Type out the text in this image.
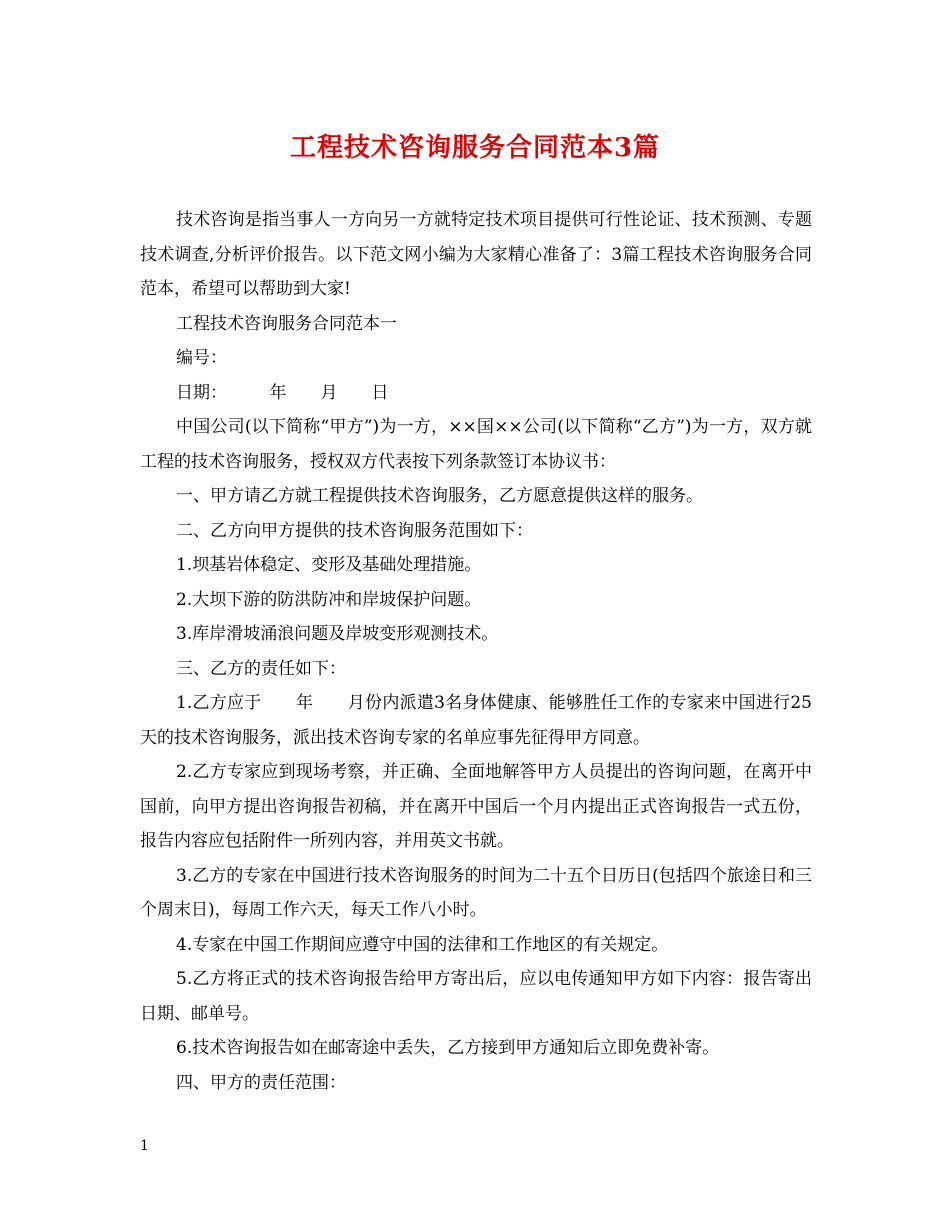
工程技术咨询服务合同范本3篇

技术咨询是指当事人一方向另一方就特定技术项目提供可行性论证、技术预测、专题技术调查,分析评价报告。以下范文网小编为大家精心准备了：3篇工程技术咨询服务合同范本，希望可以帮助到大家!

工程技术咨询服务合同范本一

编号：

日期：　　　年　　月　　日

中国公司(以下简称“甲方”)为一方，××国××公司(以下简称“乙方”)为一方，双方就工程的技术咨询服务，授权双方代表按下列条款签订本协议书：

一、甲方请乙方就工程提供技术咨询服务，乙方愿意提供这样的服务。

二、乙方向甲方提供的技术咨询服务范围如下：

1.坝基岩体稳定、变形及基础处理措施。

2.大坝下游的防洪防冲和岸坡保护问题。

3.库岸滑坡涌浪问题及岸坡变形观测技术。

三、乙方的责任如下：

1.乙方应于　　年　　月份内派遣3名身体健康、能够胜任工作的专家来中国进行25天的技术咨询服务，派出技术咨询专家的名单应事先征得甲方同意。

2.乙方专家应到现场考察，并正确、全面地解答甲方人员提出的咨询问题，在离开中国前，向甲方提出咨询报告初稿，并在离开中国后一个月内提出正式咨询报告一式五份，报告内容应包括附件一所列内容，并用英文书就。

3.乙方的专家在中国进行技术咨询服务的时间为二十五个日历日(包括四个旅途日和三个周末日)，每周工作六天，每天工作八小时。

4.专家在中国工作期间应遵守中国的法律和工作地区的有关规定。

5.乙方将正式的技术咨询报告给甲方寄出后，应以电传通知甲方如下内容：报告寄出日期、邮单号。

6.技术咨询报告如在邮寄途中丢失，乙方接到甲方通知后立即免费补寄。

四、甲方的责任范围：

1
